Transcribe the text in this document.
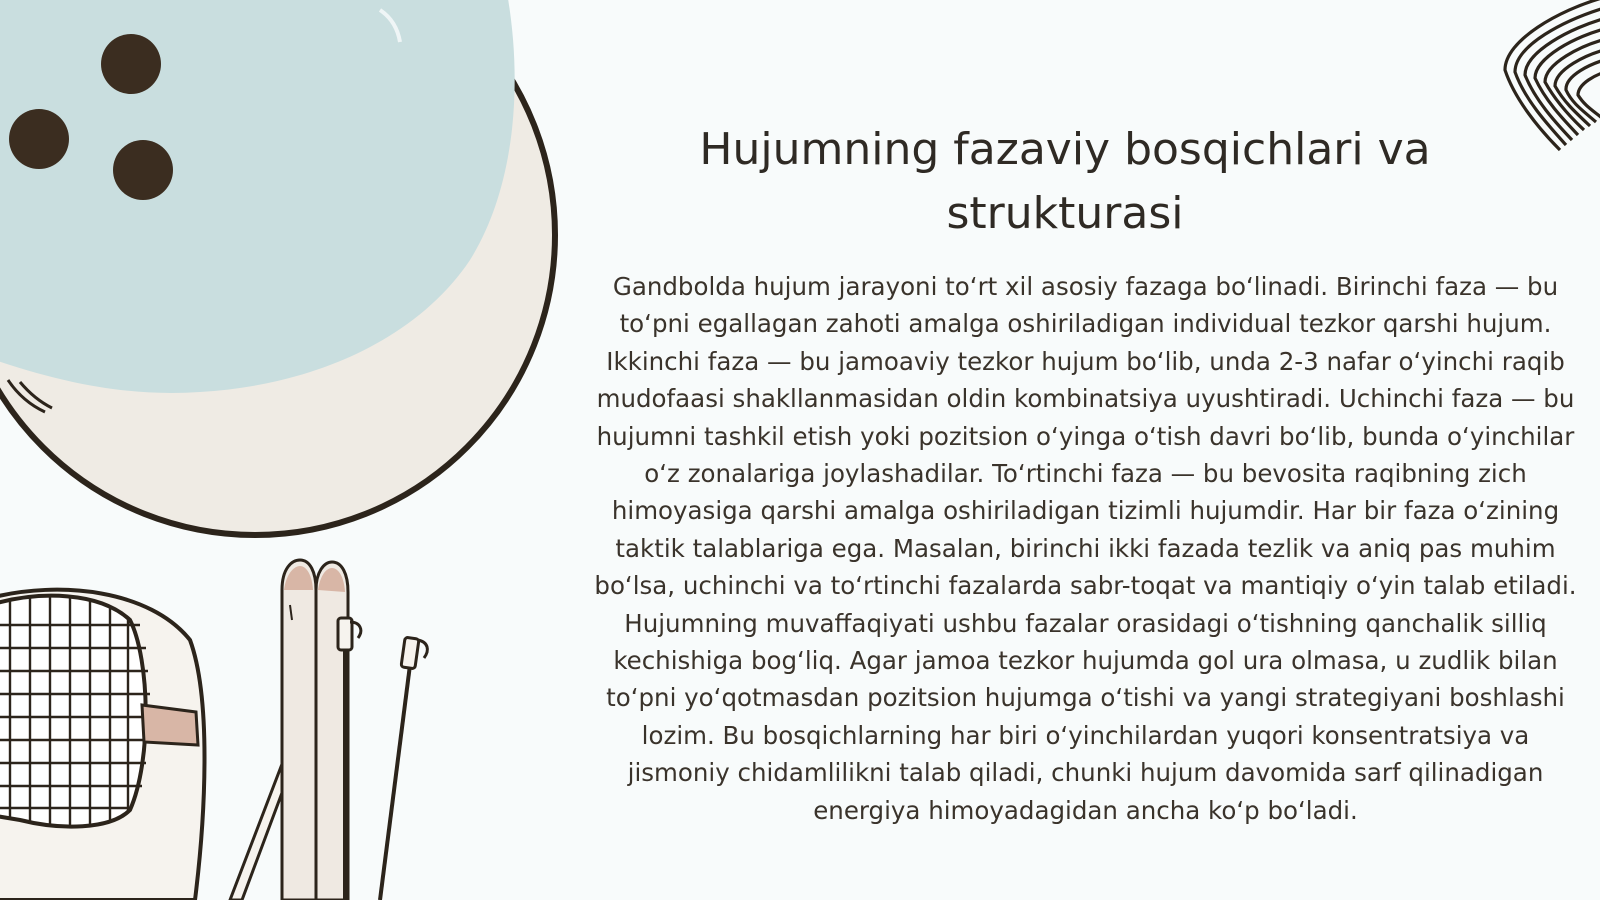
Hujumning fazaviy bosqichlari va strukturasi

Gandbolda hujum jarayoni to‘rt xil asosiy fazaga bo‘linadi. Birinchi faza — bu to‘pni egallagan zahoti amalga oshiriladigan individual tezkor qarshi hujum. Ikkinchi faza — bu jamoaviy tezkor hujum bo‘lib, unda 2-3 nafar o‘yinchi raqib mudofaasi shakllanmasidan oldin kombinatsiya uyushtiradi. Uchinchi faza — bu hujumni tashkil etish yoki pozitsion o‘yinga o‘tish davri bo‘lib, bunda o‘yinchilar o‘z zonalariga joylashadilar. To‘rtinchi faza — bu bevosita raqibning zich himoyasiga qarshi amalga oshiriladigan tizimli hujumdir. Har bir faza o‘zining taktik talablariga ega. Masalan, birinchi ikki fazada tezlik va aniq pas muhim bo‘lsa, uchinchi va to‘rtinchi fazalarda sabr-toqat va mantiqiy o‘yin talab etiladi. Hujumning muvaffaqiyati ushbu fazalar orasidagi o‘tishning qanchalik silliq kechishiga bog‘liq. Agar jamoa tezkor hujumda gol ura olmasa, u zudlik bilan to‘pni yo‘qotmasdan pozitsion hujumga o‘tishi va yangi strategiyani boshlashi lozim. Bu bosqichlarning har biri o‘yinchilardan yuqori konsentratsiya va jismoniy chidamlilikni talab qiladi, chunki hujum davomida sarf qilinadigan energiya himoyadagidan ancha ko‘p bo‘ladi.
